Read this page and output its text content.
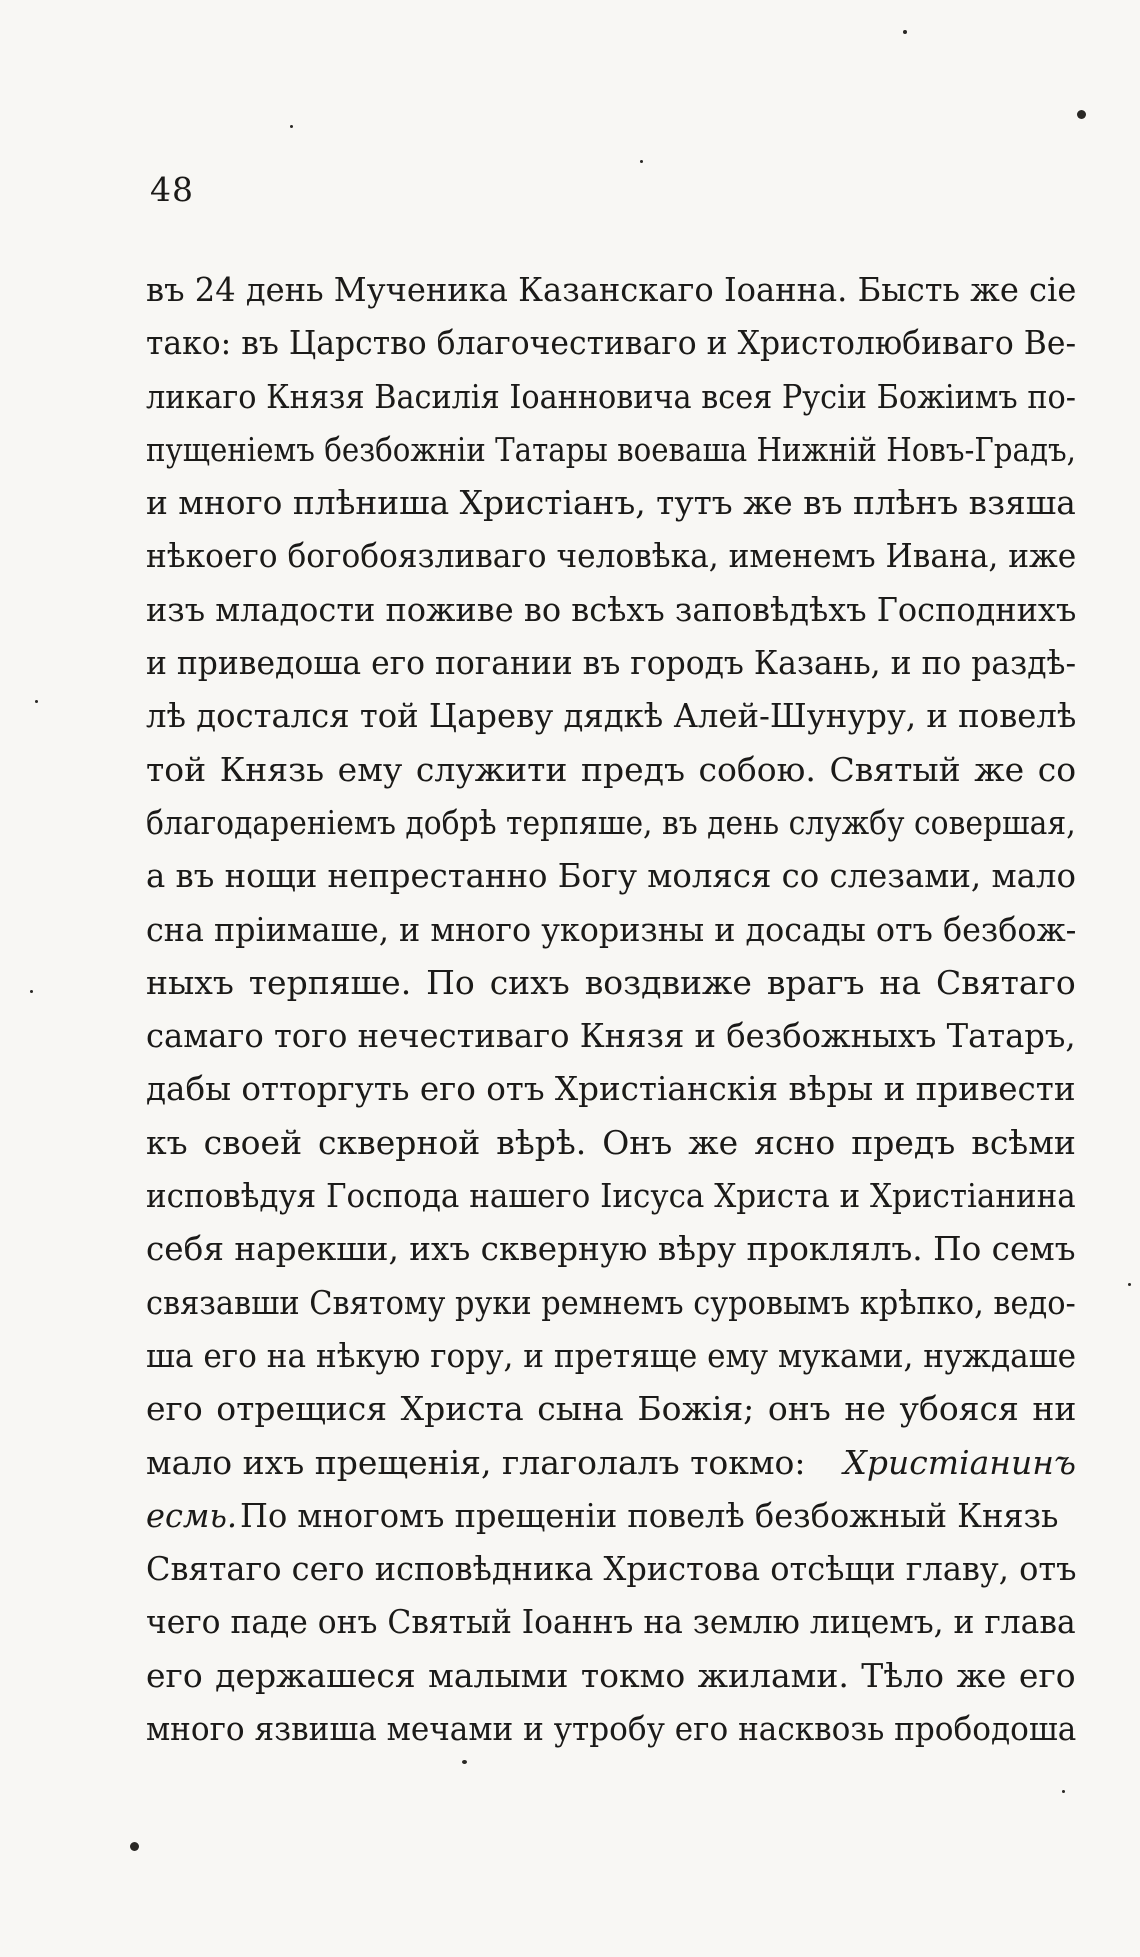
48
въ 24 день Мученика Казанскаго Іоанна. Бысть же сіе
тако: въ Царство благочестиваго и Христолюбиваго Ве-
ликаго Князя Василія Іоанновича всея Русіи Божіимъ по-
пущеніемъ безбожніи Татары воеваша Нижній Новъ-Градъ,
и много плѣниша Христіанъ, тутъ же въ плѣнъ взяша
нѣкоего богобоязливаго человѣка, именемъ Ивана, иже
изъ младости поживе во всѣхъ заповѣдѣхъ Господнихъ
и приведоша его погании въ городъ Казань, и по раздѣ-
лѣ достался той Цареву дядкѣ Алей-Шунуру, и повелѣ
той Князь ему служити предъ собою. Святый же со
благодареніемъ добрѣ терпяше, въ день службу совершая,
а въ нощи непрестанно Богу моляся со слезами, мало
сна пріимаше, и много укоризны и досады отъ безбож-
ныхъ терпяше. По сихъ воздвиже врагъ на Святаго
самаго того нечестиваго Князя и безбожныхъ Татаръ,
дабы отторгуть его отъ Христіанскія вѣры и привести
къ своей скверной вѣрѣ. Онъ же ясно предъ всѣми
исповѣдуя Господа нашего Іисуса Христа и Христіанина
себя нарекши, ихъ скверную вѣру проклялъ. По семъ
связавши Святому руки ремнемъ суровымъ крѣпко, ведо-
ша его на нѣкую гору, и претяще ему муками, нуждаше
его отрещися Христа сына Божія; онъ не убояся ни
мало ихъ прещенія, глаголалъ токмо: Христіанинъ
есмь. По многомъ прещеніи повелѣ безбожный Князь
Святаго сего исповѣдника Христова отсѣщи главу, отъ
чего паде онъ Святый Іоаннъ на землю лицемъ, и глава
его держашеся малыми токмо жилами. Тѣло же его
много язвиша мечами и утробу его насквозь прободоша
